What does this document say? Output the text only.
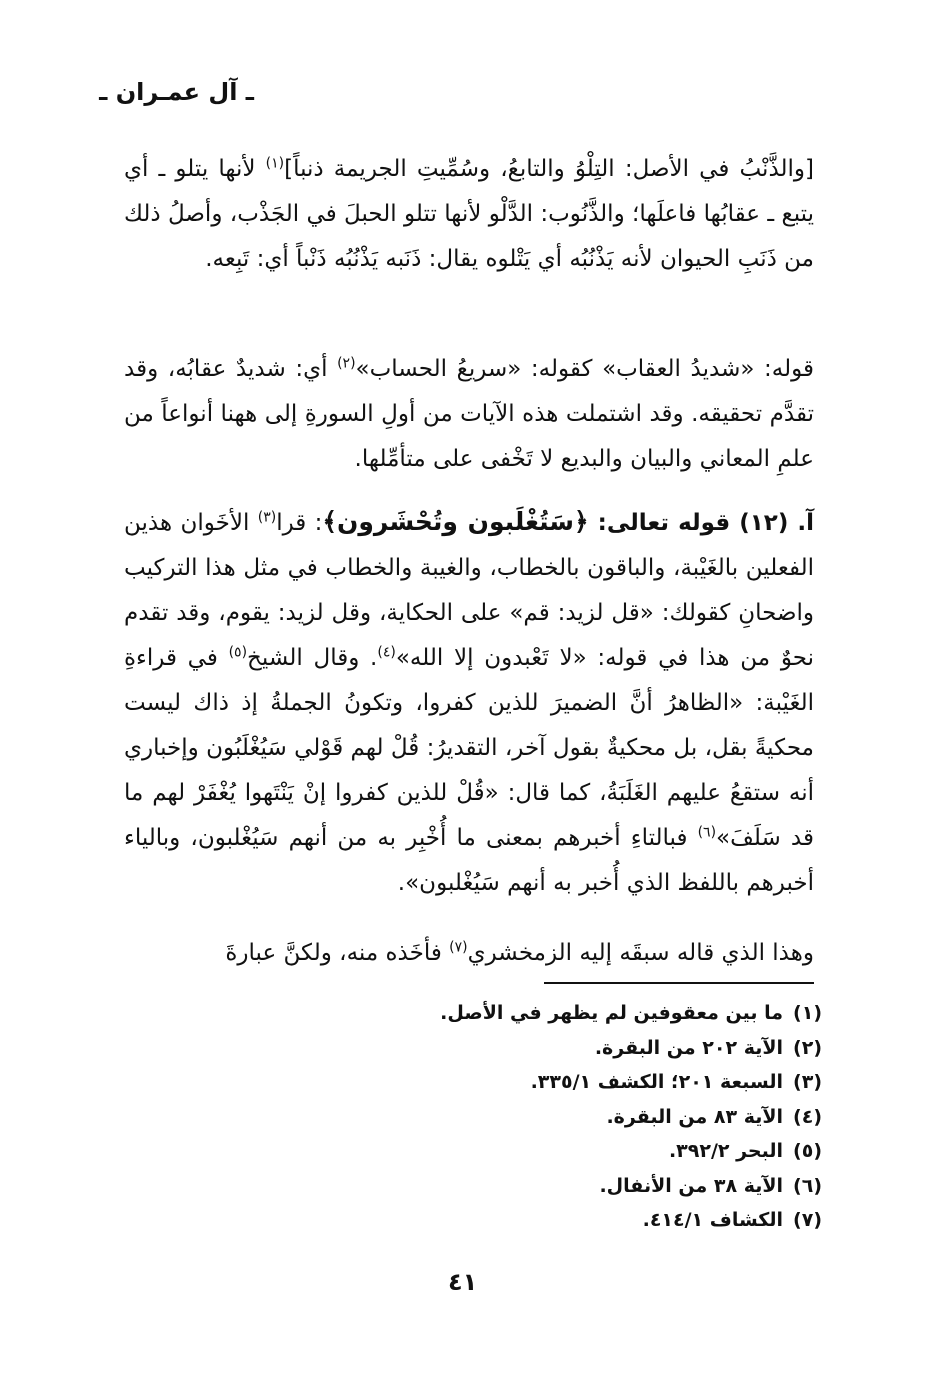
ـ آل عمـران ـ

[والذَّنْبُ في الأصل: التِلْوُ والتابعُ، وسُمِّيتِ الجريمة ذنباً]$^{(١)}$ لأنها يتلو ـ أي يتبع ـ عقابُها فاعلَها؛ والذَّنُوب: الدَّلْو لأنها تتلو الحبلَ في الجَذْب، وأصلُ ذلك من ذَنَبِ الحيوان لأنه يَذْنُبُه أي يَتْلوه يقال: ذَنَبه يَذْنُبُه ذَنْباً أي: تَبِعه.

قوله: «شديدُ العقاب» كقوله: «سريعُ الحساب»$^{(٢)}$ أي: شديدٌ عقابُه، وقد تقدَّم تحقيقه. وقد اشتملت هذه الآيات من أولِ السورةِ إلى ههنا أنواعاً من علمِ المعاني والبيان والبديع لا تَخْفى على متأمِّلها.

آ. (١٢) قوله تعالى: ﴿سَتُغْلَبون وتُحْشَرون﴾: قرا$^{(٣)}$ الأخَوان هذين الفعلين بالغَيْبة، والباقون بالخطاب، والغيبة والخطاب في مثل هذا التركيب واضحانِ كقولك: «قل لزيد: قم» على الحكاية، وقل لزيد: يقوم، وقد تقدم نحوٌ من هذا في قوله: «لا تَعْبدون إلا الله»$^{(٤)}$. وقال الشيخ$^{(٥)}$ في قراءةِ الغَيْبة: «الظاهرُ أنَّ الضميرَ للذين كفروا، وتكونُ الجملةُ إذ ذاك ليست محكيةً بقل، بل محكيةٌ بقول آخر، التقديرُ: قُلْ لهم قَوْلي سَيُغْلَبُون وإخباري أنه ستقعُ عليهم الغَلَبَةُ، كما قال: «قُلْ للذين كفروا إنْ يَنْتَهوا يُغْفَرْ لهم ما قد سَلَفَ»$^{(٦)}$ فبالتاءِ أخبرهم بمعنى ما أُخْبِر به من أنهم سَيُغْلبون، وبالياء أخبرهم باللفظ الذي أُخبر به أنهم سَيُغْلبون».

وهذا الذي قاله سبقَه إليه الزمخشري$^{(٧)}$ فأخَذه منه، ولكنَّ عبارةَ

(١)ما بين معقوفين لم يظهر في الأصل.
(٢)الآية ٢٠٢ من البقرة.
(٣)السبعة ٢٠١؛ الكشف ٣٣٥/١.
(٤)الآية ٨٣ من البقرة.
(٥)البحر ٣٩٢/٢.
(٦)الآية ٣٨ من الأنفال.
(٧)الكشاف ٤١٤/١.
٤١
